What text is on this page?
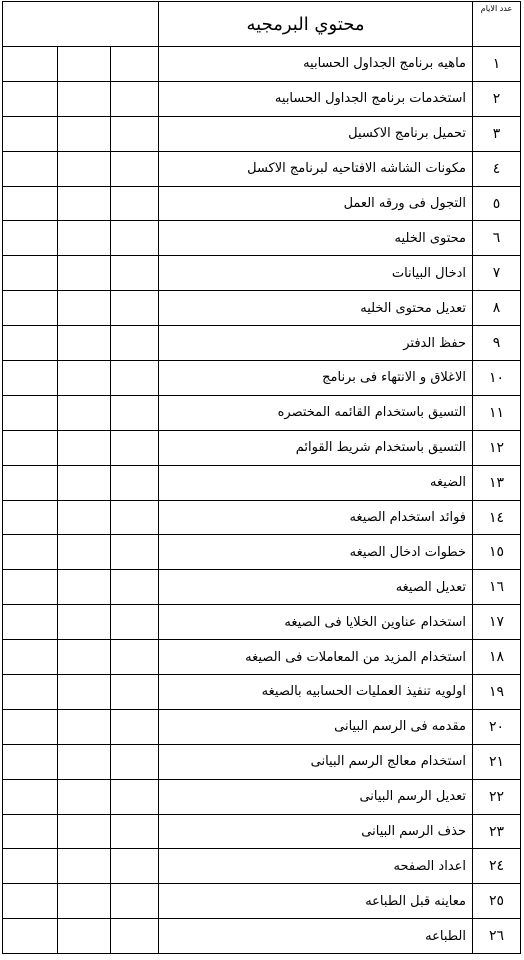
			محتوي البرمجيه	عدد الايام
			ماهيه برنامج الجداول الحسابيه	١
			استخدمات برنامج الجداول الحسابيه	٢
			تحميل برنامج الاكسيل	٣
			مكونات الشاشه الافتاحيه لبرنامج الاكسل	٤
			التجول فى ورقه العمل	٥
			محتوى الخليه	٦
			ادخال البيانات	٧
			تعديل محتوى الخليه	٨
			حفظ الدفتر	٩
			الاغلاق و الانتهاء فى برنامج	١٠
			التسيق باستخدام القائمه المختصره	١١
			التسيق باستخدام شريط القوائم	١٢
			الضيغه	١٣
			فوائد استخدام الصيغه	١٤
			خطوات ادخال الصيغه	١٥
			تعديل الصيغه	١٦
			استخدام عناوين الخلايا فى الصيغه	١٧
			استخدام المزيد من المعاملات فى الصيغه	١٨
			اولويه تنفيذ العمليات الحسابيه بالصيغه	١٩
			مقدمه فى الرسم البيانى	٢٠
			استخدام معالج الرسم البيانى	٢١
			تعديل الرسم البيانى	٢٢
			حذف الرسم البيانى	٢٣
			اعداد الصفحه	٢٤
			معاينه قبل الطباعه	٢٥
			الطباعه	٢٦
